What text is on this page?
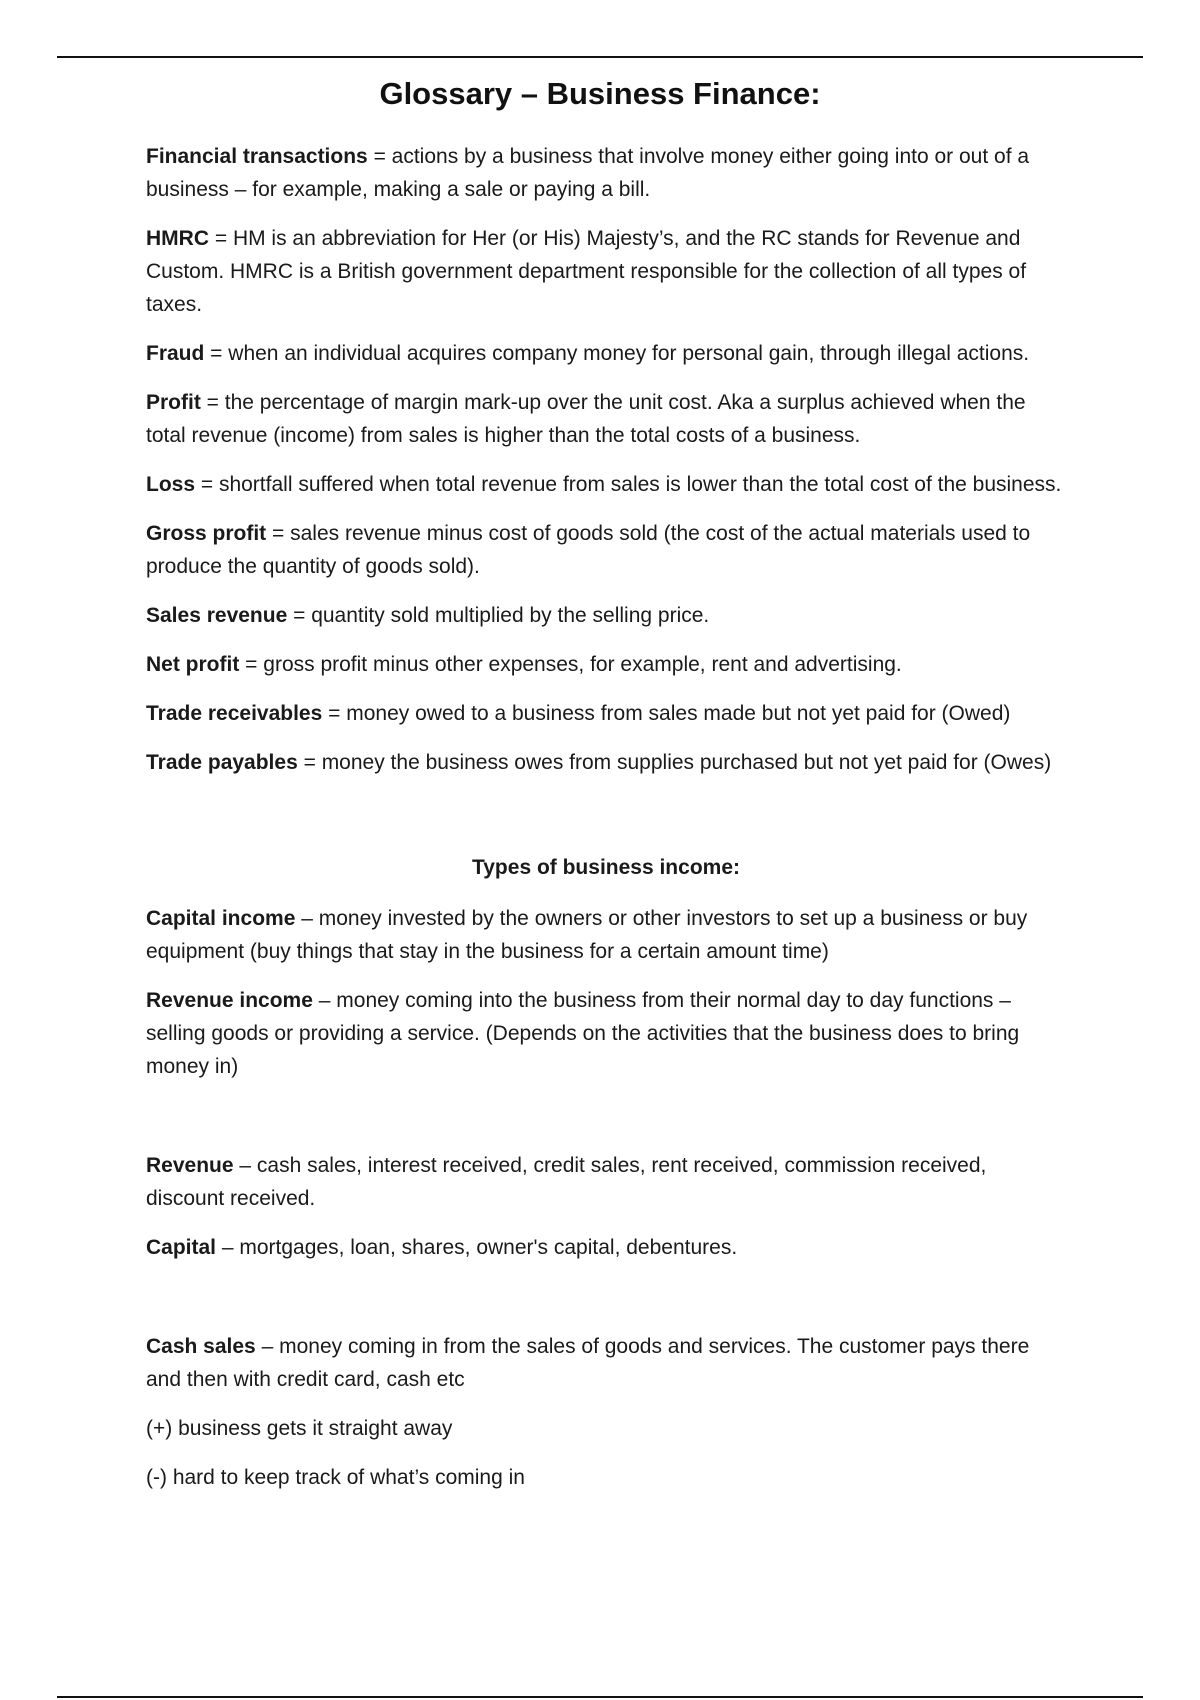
Glossary – Business Finance:

Financial transactions = actions by a business that involve money either going into or out of a business – for example, making a sale or paying a bill.

HMRC = HM is an abbreviation for Her (or His) Majesty’s, and the RC stands for Revenue and Custom. HMRC is a British government department responsible for the collection of all types of taxes.

Fraud = when an individual acquires company money for personal gain, through illegal actions.

Profit = the percentage of margin mark-up over the unit cost. Aka a surplus achieved when the total revenue (income) from sales is higher than the total costs of a business.

Loss = shortfall suffered when total revenue from sales is lower than the total cost of the business.

Gross profit = sales revenue minus cost of goods sold (the cost of the actual materials used to produce the quantity of goods sold).

Sales revenue = quantity sold multiplied by the selling price.

Net profit = gross profit minus other expenses, for example, rent and advertising.

Trade receivables = money owed to a business from sales made but not yet paid for (Owed)

Trade payables = money the business owes from supplies purchased but not yet paid for (Owes)

Types of business income:

Capital income – money invested by the owners or other investors to set up a business or buy equipment (buy things that stay in the business for a certain amount time)

Revenue income – money coming into the business from their normal day to day functions – selling goods or providing a service. (Depends on the activities that the business does to bring money in)

Revenue – cash sales, interest received, credit sales, rent received, commission received, discount received.

Capital – mortgages, loan, shares, owner's capital, debentures.

Cash sales – money coming in from the sales of goods and services. The customer pays there and then with credit card, cash etc

(+) business gets it straight away

(-) hard to keep track of what’s coming in
